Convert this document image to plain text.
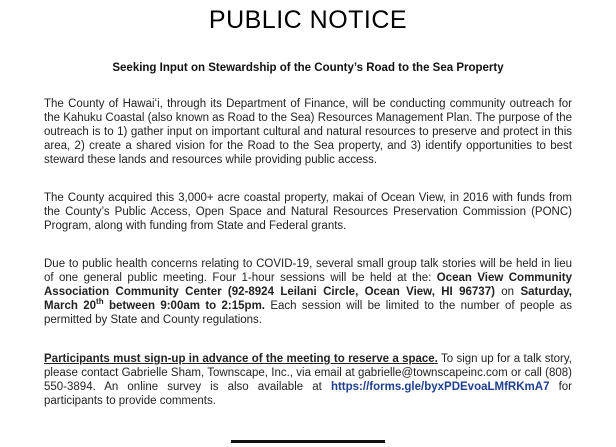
PUBLIC NOTICE
Seeking Input on Stewardship of the County’s Road to the Sea Property
The County of Hawaiʻi, through its Department of Finance, will be conducting community outreach for the Kahuku Coastal (also known as Road to the Sea) Resources Management Plan. The purpose of the outreach is to 1) gather input on important cultural and natural resources to preserve and protect in this area, 2) create a shared vision for the Road to the Sea property, and 3) identify opportunities to best steward these lands and resources while providing public access.
The County acquired this 3,000+ acre coastal property, makai of Ocean View, in 2016 with funds from the County’s Public Access, Open Space and Natural Resources Preservation Commission (PONC) Program, along with funding from State and Federal grants.
Due to public health concerns relating to COVID-19, several small group talk stories will be held in lieu of one general public meeting. Four 1-hour sessions will be held at the: Ocean View Community Association Community Center (92-8924 Leilani Circle, Ocean View, HI 96737) on Saturday, March 20th between 9:00am to 2:15pm. Each session will be limited to the number of people as permitted by State and County regulations.
Participants must sign-up in advance of the meeting to reserve a space. To sign up for a talk story, please contact Gabrielle Sham, Townscape, Inc., via email at gabrielle@townscapeinc.com or call (808) 550-3894. An online survey is also available at https://forms.gle/byxPDEvoaLMfRKmA7 for participants to provide comments.
